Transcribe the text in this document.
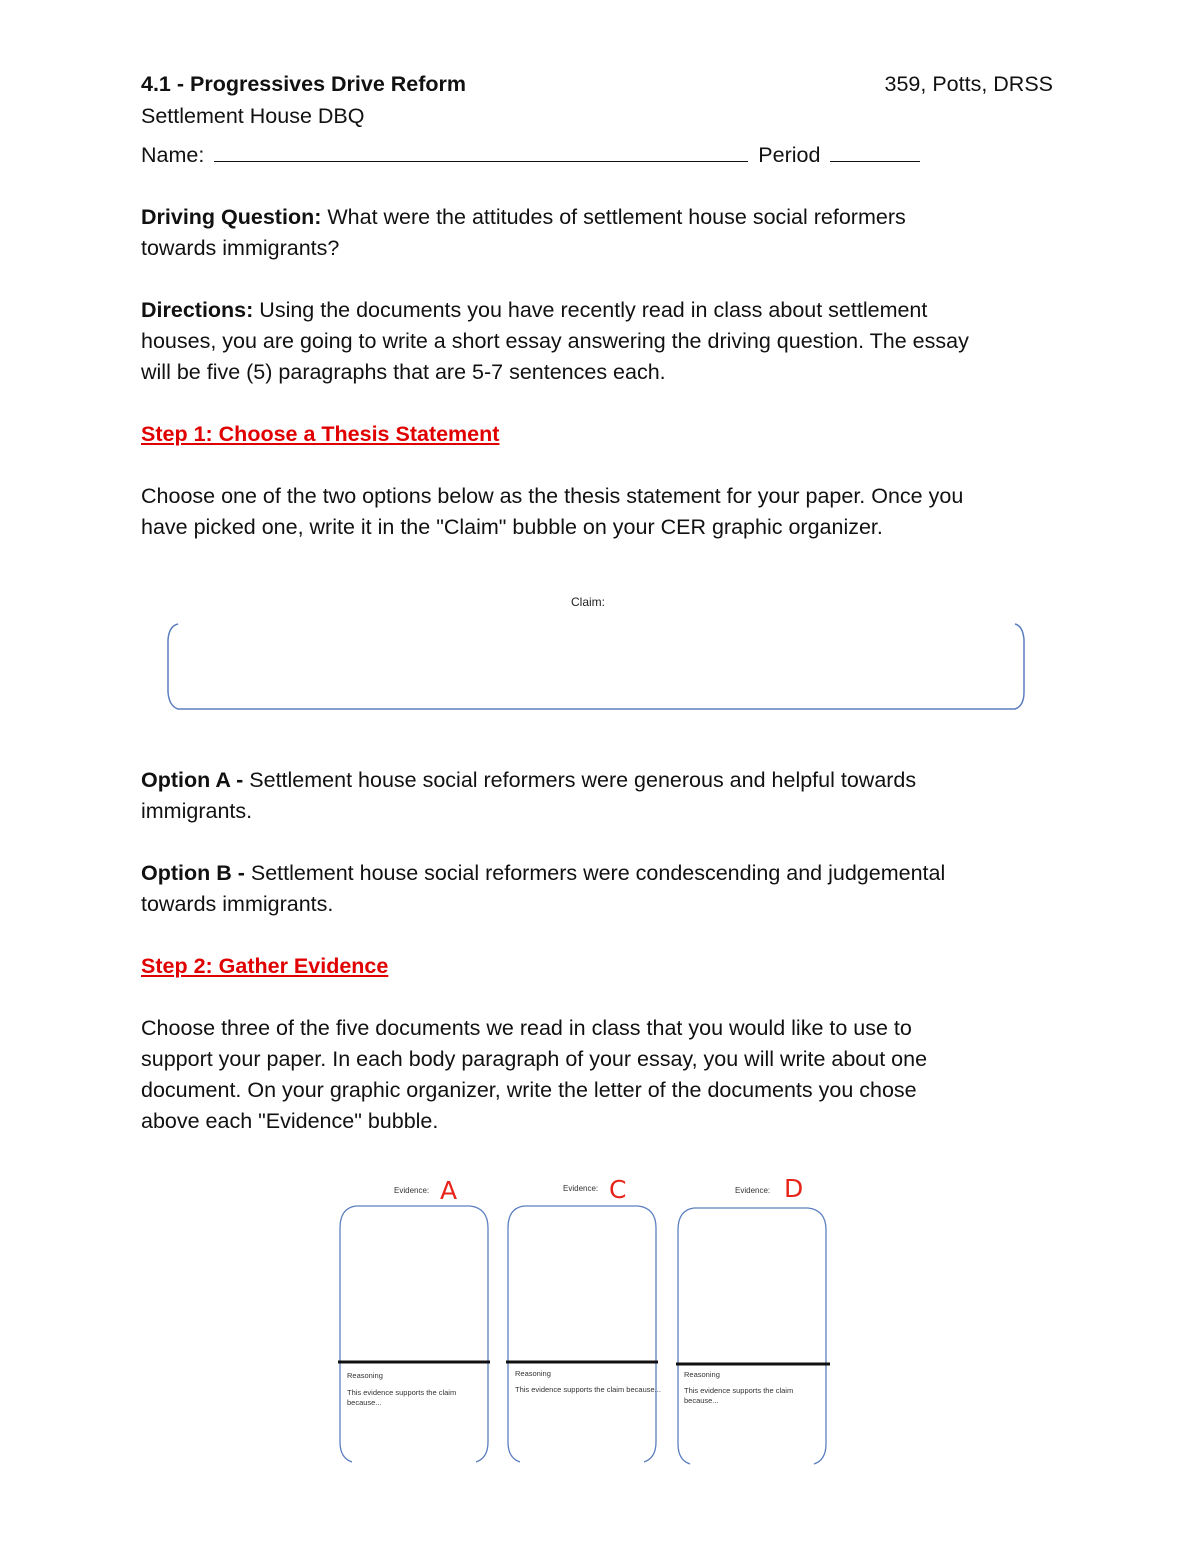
4.1 - Progressives Drive Reform	359, Potts, DRSS
Settlement House DBQ
Name:	Period
Driving Question: What were the attitudes of settlement house social reformers
towards immigrants?
Directions: Using the documents you have recently read in class about settlement
houses, you are going to write a short essay answering the driving question. The essay
will be five (5) paragraphs that are 5-7 sentences each.
Step 1: Choose a Thesis Statement
Choose one of the two options below as the thesis statement for your paper. Once you
have picked one, write it in the "Claim" bubble on your CER graphic organizer.
Claim:
Option A - Settlement house social reformers were generous and helpful towards
immigrants.
Option B - Settlement house social reformers were condescending and judgemental
towards immigrants.
Step 2: Gather Evidence
Choose three of the five documents we read in class that you would like to use to
support your paper. In each body paragraph of your essay, you will write about one
document. On your graphic organizer, write the letter of the documents you chose
above each "Evidence" bubble.
Evidence: A
Reasoning
This evidence supports the claim
because...
Evidence: C
Reasoning
This evidence supports the claim because...
Evidence: D
Reasoning
This evidence supports the claim
because...
